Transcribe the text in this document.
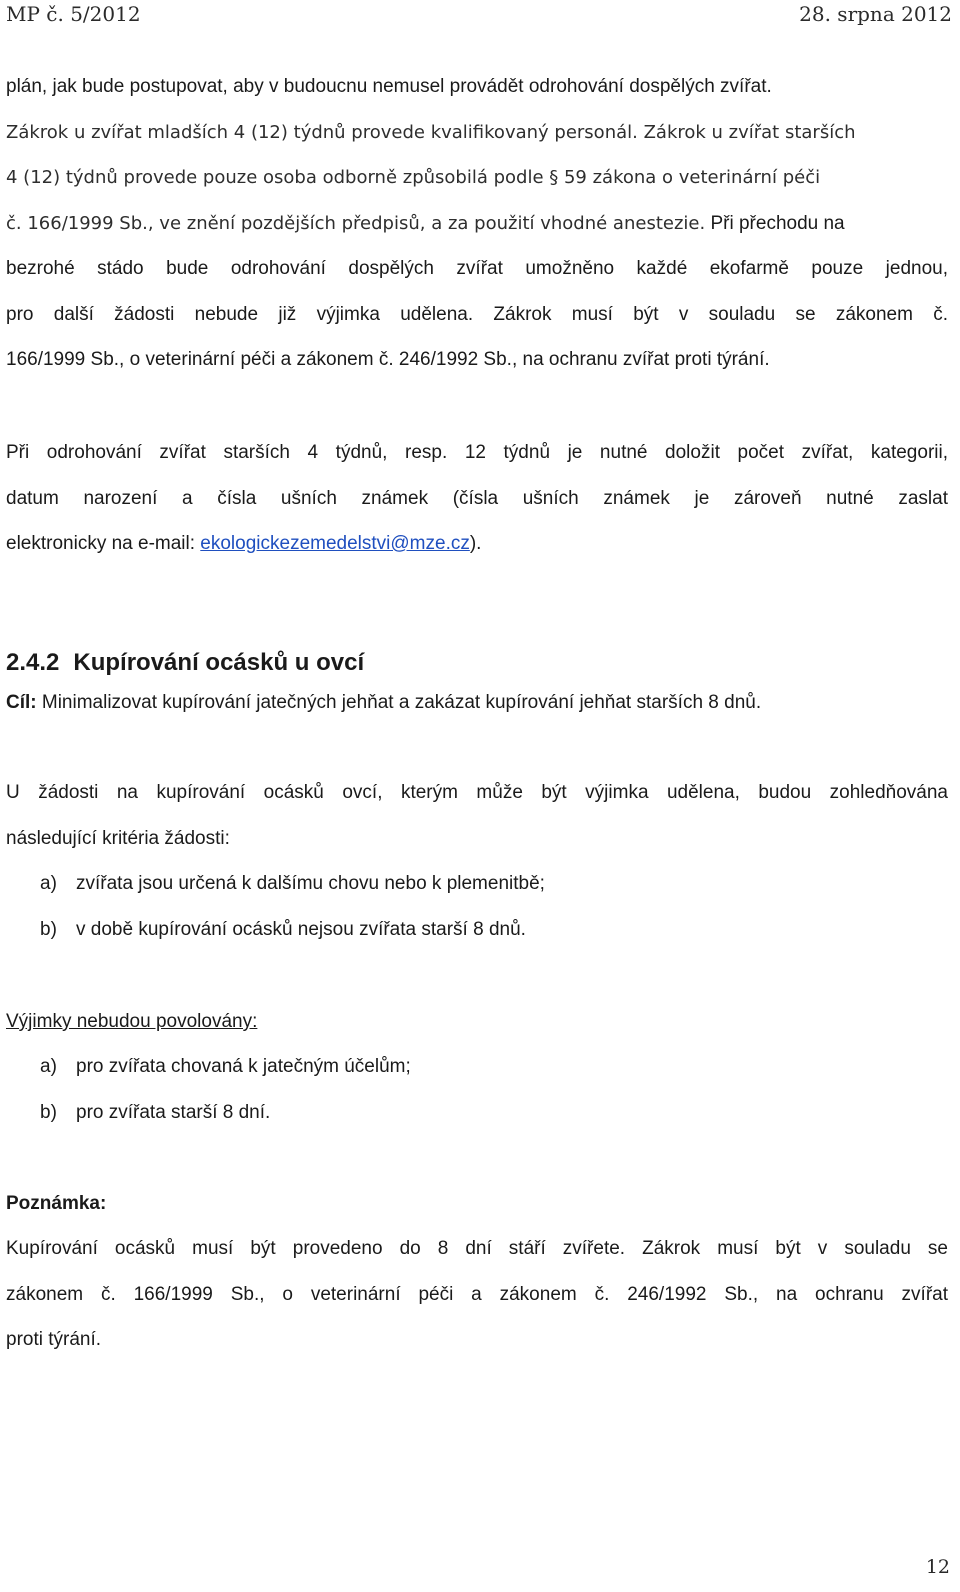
MP č. 5/2012	28. srpna 2012
plán, jak bude postupovat, aby v budoucnu nemusel provádět odrohování dospělých zvířat.
Zákrok u zvířat mladších 4 (12) týdnů provede kvalifikovaný personál. Zákrok u zvířat starších
4 (12) týdnů provede pouze osoba odborně způsobilá podle § 59 zákona o veterinární péči
č. 166/1999 Sb., ve znění pozdějších předpisů, a za použití vhodné anestezie. Při přechodu na
bezrohé stádo bude odrohování dospělých zvířat umožněno každé ekofarmě pouze jednou,
pro další žádosti nebude již výjimka udělena. Zákrok musí být v souladu se zákonem č.
166/1999 Sb., o veterinární péči a zákonem č. 246/1992 Sb., na ochranu zvířat proti týrání.
Při odrohování zvířat starších 4 týdnů, resp. 12 týdnů je nutné doložit počet zvířat, kategorii,
datum narození a čísla ušních známek (čísla ušních známek je zároveň nutné zaslat
elektronicky na e-mail: ekologickezemedelstvi@mze.cz).
2.4.2 Kupírování ocásků u ovcí
Cíl: Minimalizovat kupírování jatečných jehňat a zakázat kupírování jehňat starších 8 dnů.
U žádosti na kupírování ocásků ovcí, kterým může být výjimka udělena, budou zohledňována
následující kritéria žádosti:
a) zvířata jsou určená k dalšímu chovu nebo k plemenitbě;
b) v době kupírování ocásků nejsou zvířata starší 8 dnů.
Výjimky nebudou povolovány:
a) pro zvířata chovaná k jatečným účelům;
b) pro zvířata starší 8 dní.
Poznámka:
Kupírování ocásků musí být provedeno do 8 dní stáří zvířete. Zákrok musí být v souladu se
zákonem č. 166/1999 Sb., o veterinární péči a zákonem č. 246/1992 Sb., na ochranu zvířat
proti týrání.
12
